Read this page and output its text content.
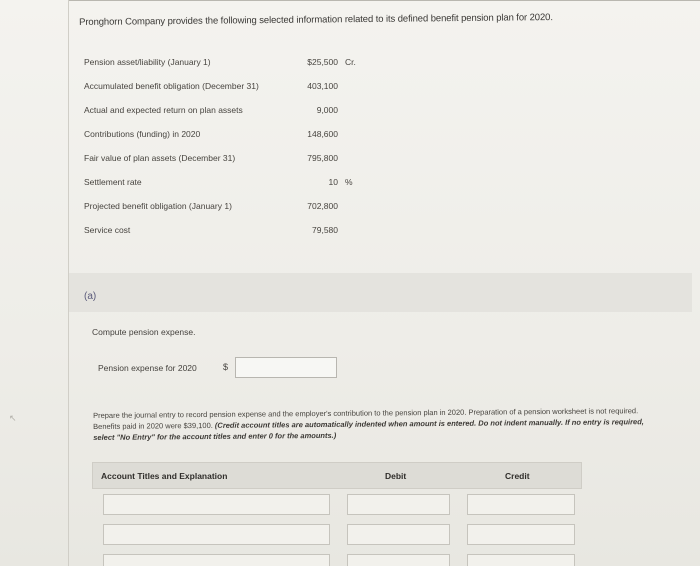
↖
Pronghorn Company provides the following selected information related to its defined benefit pension plan for 2020.
Pension asset/liability (January 1)	$25,500 Cr.
Accumulated benefit obligation (December 31)	403,100
Actual and expected return on plan assets	9,000
Contributions (funding) in 2020	148,600
Fair value of plan assets (December 31)	795,800
Settlement rate	10 %
Projected benefit obligation (January 1)	702,800
Service cost	79,580
(a)
Compute pension expense.
Pension expense for 2020	$
Prepare the journal entry to record pension expense and the employer's contribution to the pension plan in 2020. Preparation of a pension worksheet is not required. Benefits paid in 2020 were $39,100. (Credit account titles are automatically indented when amount is entered. Do not indent manually. If no entry is required, select "No Entry" for the account titles and enter 0 for the amounts.)
Account Titles and Explanation	Debit	Credit
